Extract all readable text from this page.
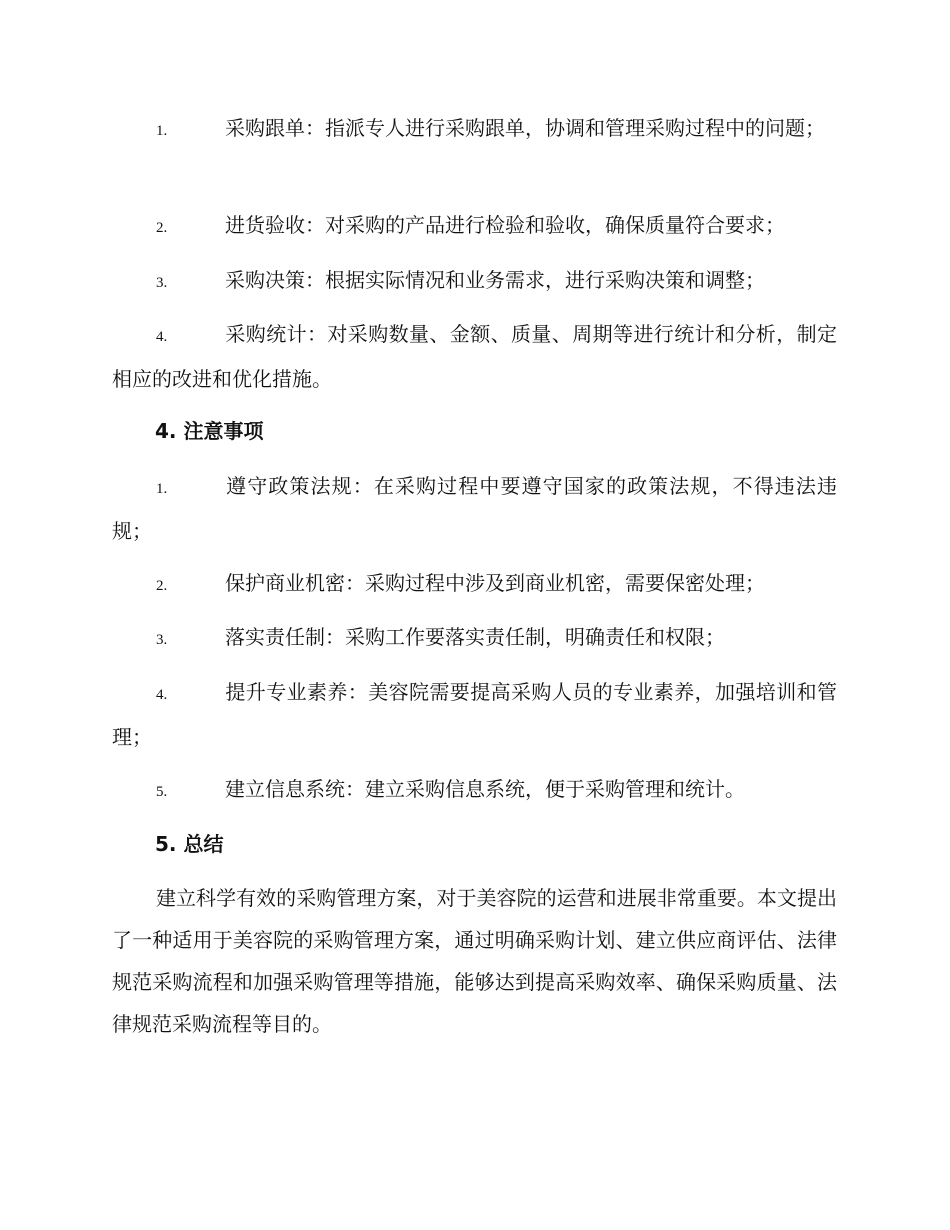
1.	采购跟单：指派专人进行采购跟单，协调和管理采购过程中的问题；
2.	进货验收：对采购的产品进行检验和验收，确保质量符合要求；
3.	采购决策：根据实际情况和业务需求，进行采购决策和调整；
4.	采购统计：对采购数量、金额、质量、周期等进行统计和分析，制定相应的改进和优化措施。
4. 注意事项
1.	遵守政策法规：在采购过程中要遵守国家的政策法规，不得违法违规；
2.	保护商业机密：采购过程中涉及到商业机密，需要保密处理；
3.	落实责任制：采购工作要落实责任制，明确责任和权限；
4.	提升专业素养：美容院需要提高采购人员的专业素养，加强培训和管理；
5.	建立信息系统：建立采购信息系统，便于采购管理和统计。
5. 总结
建立科学有效的采购管理方案，对于美容院的运营和进展非常重要。本文提出了一种适用于美容院的采购管理方案，通过明确采购计划、建立供应商评估、法律规范采购流程和加强采购管理等措施，能够达到提高采购效率、确保采购质量、法律规范采购流程等目的。
